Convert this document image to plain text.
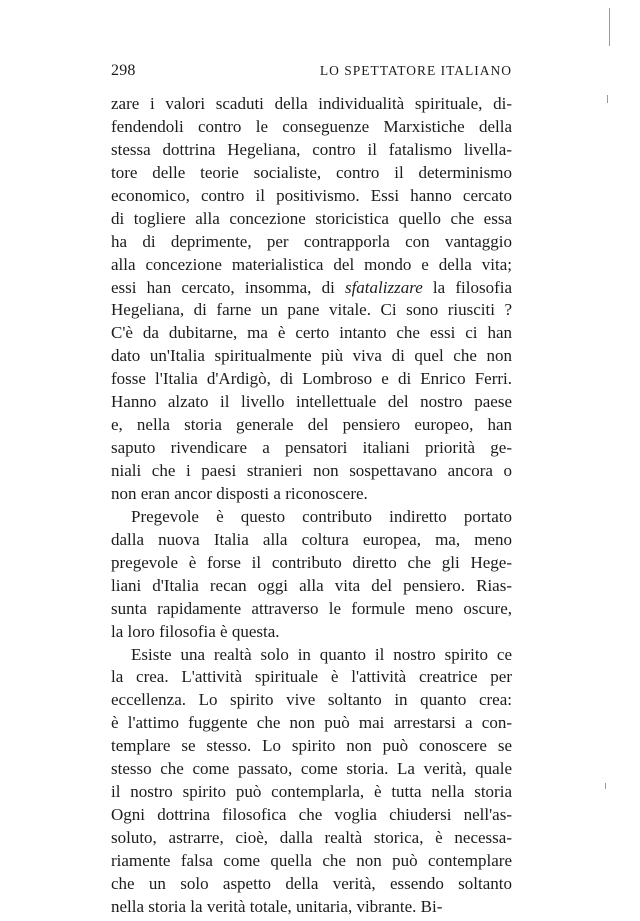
298	LO SPETTATORE ITALIANO
zare i valori scaduti della individualità spirituale, di-
fendendoli contro le conseguenze Marxistiche della
stessa dottrina Hegeliana, contro il fatalismo livella-
tore delle teorie socialiste, contro il determinismo
economico, contro il positivismo. Essi hanno cercato
di togliere alla concezione storicistica quello che essa
ha di deprimente, per contrapporla con vantaggio
alla concezione materialistica del mondo e della vita;
essi han cercato, insomma, di sfatalizzare la filosofia
Hegeliana, di farne un pane vitale. Ci sono riusciti ?
C'è da dubitarne, ma è certo intanto che essi ci han
dato un'Italia spiritualmente più viva di quel che non
fosse l'Italia d'Ardigò, di Lombroso e di Enrico Ferri.
Hanno alzato il livello intellettuale del nostro paese
e, nella storia generale del pensiero europeo, han
saputo rivendicare a pensatori italiani priorità ge-
niali che i paesi stranieri non sospettavano ancora o
non eran ancor disposti a riconoscere.
Pregevole è questo contributo indiretto portato
dalla nuova Italia alla coltura europea, ma, meno
pregevole è forse il contributo diretto che gli Hege-
liani d'Italia recan oggi alla vita del pensiero. Rias-
sunta rapidamente attraverso le formule meno oscure,
la loro filosofia è questa.
Esiste una realtà solo in quanto il nostro spirito ce
la crea. L'attività spirituale è l'attività creatrice per
eccellenza. Lo spirito vive soltanto in quanto crea:
è l'attimo fuggente che non può mai arrestarsi a con-
templare se stesso. Lo spirito non può conoscere se
stesso che come passato, come storia. La verità, quale
il nostro spirito può contemplarla, è tutta nella storia
Ogni dottrina filosofica che voglia chiudersi nell'as-
soluto, astrarre, cioè, dalla realtà storica, è necessa-
riamente falsa come quella che non può contemplare
che un solo aspetto della verità, essendo soltanto
nella storia la verità totale, unitaria, vibrante. Bi-
